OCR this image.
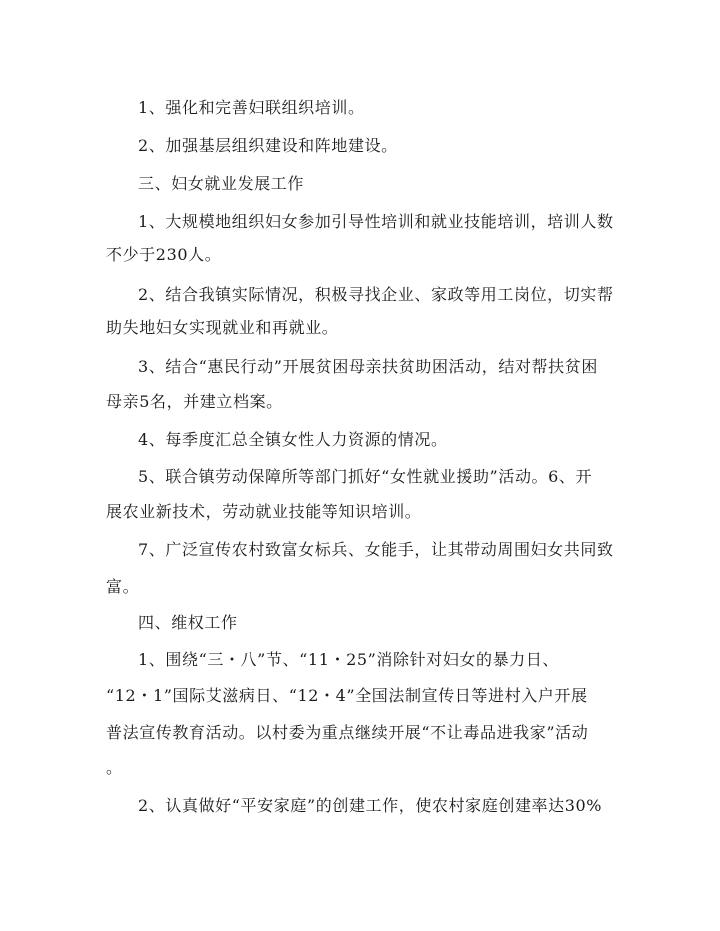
1、强化和完善妇联组织培训。
2、加强基层组织建设和阵地建设。
三、妇女就业发展工作
1、大规模地组织妇女参加引导性培训和就业技能培训，培训人数
不少于230人。
2、结合我镇实际情况，积极寻找企业、家政等用工岗位，切实帮
助失地妇女实现就业和再就业。
3、结合“惠民行动”开展贫困母亲扶贫助困活动，结对帮扶贫困
母亲5名，并建立档案。
4、每季度汇总全镇女性人力资源的情况。
5、联合镇劳动保障所等部门抓好“女性就业援助”活动。6、开
展农业新技术，劳动就业技能等知识培训。
7、广泛宣传农村致富女标兵、女能手，让其带动周围妇女共同致
富。
四、维权工作
1、围绕“三・八”节、“11・25”消除针对妇女的暴力日、
“12・1”国际艾滋病日、“12・4”全国法制宣传日等进村入户开展
普法宣传教育活动。以村委为重点继续开展“不让毒品进我家”活动
。
2、认真做好“平安家庭”的创建工作，使农村家庭创建率达30%
